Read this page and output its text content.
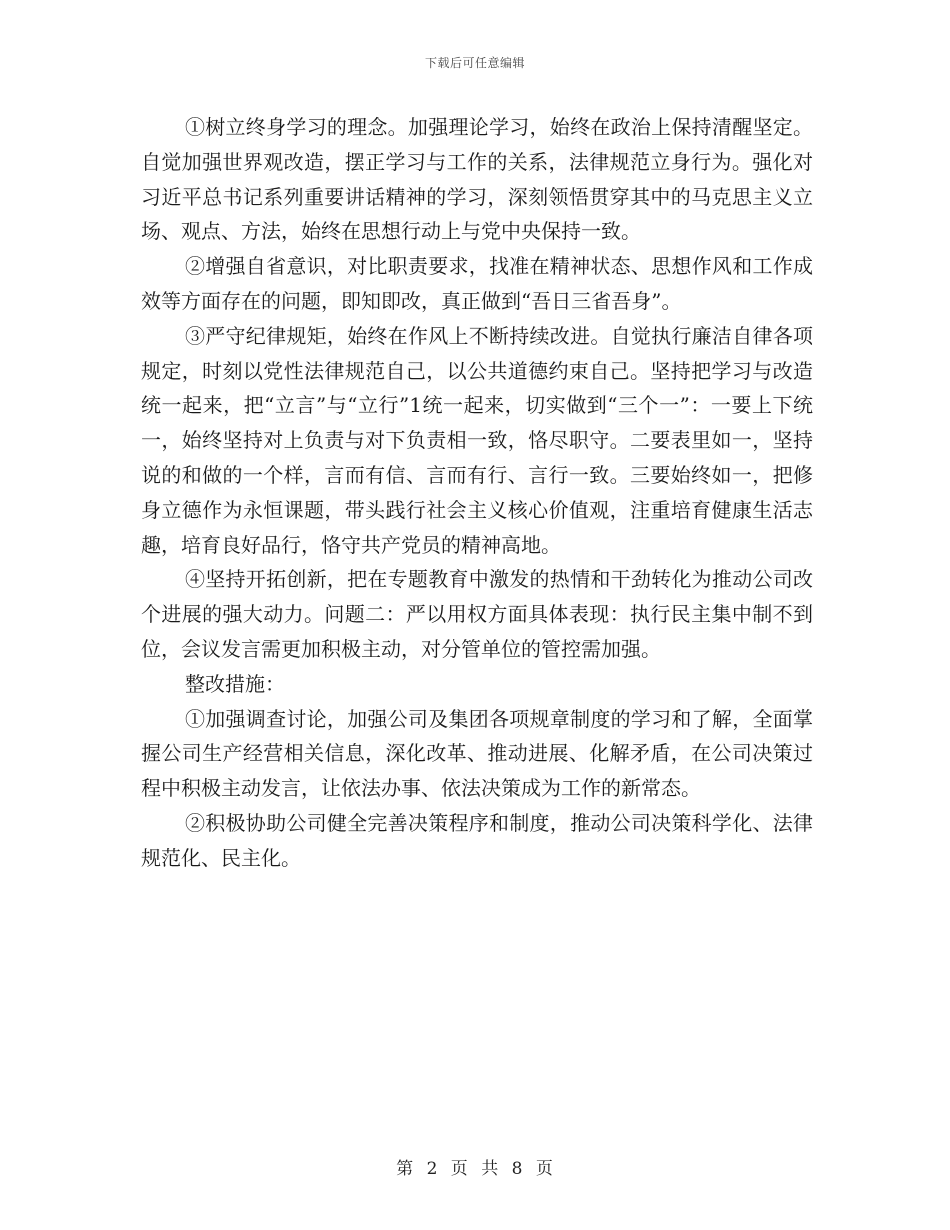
下载后可任意编辑

①树立终身学习的理念。加强理论学习，始终在政治上保持清醒坚定。自觉加强世界观改造，摆正学习与工作的关系，法律规范立身行为。强化对习近平总书记系列重要讲话精神的学习，深刻领悟贯穿其中的马克思主义立场、观点、方法，始终在思想行动上与党中央保持一致。

②增强自省意识，对比职责要求，找准在精神状态、思想作风和工作成效等方面存在的问题，即知即改，真正做到“吾日三省吾身”。

③严守纪律规矩，始终在作风上不断持续改进。自觉执行廉洁自律各项规定，时刻以党性法律规范自己，以公共道德约束自己。坚持把学习与改造统一起来，把“立言”与“立行”1统一起来，切实做到“三个一”：一要上下统一，始终坚持对上负责与对下负责相一致，恪尽职守。二要表里如一，坚持说的和做的一个样，言而有信、言而有行、言行一致。三要始终如一，把修身立德作为永恒课题，带头践行社会主义核心价值观，注重培育健康生活志趣，培育良好品行，恪守共产党员的精神高地。

④坚持开拓创新，把在专题教育中激发的热情和干劲转化为推动公司改个进展的强大动力。问题二：严以用权方面具体表现：执行民主集中制不到位，会议发言需更加积极主动，对分管单位的管控需加强。

整改措施：

①加强调查讨论，加强公司及集团各项规章制度的学习和了解，全面掌握公司生产经营相关信息，深化改革、推动进展、化解矛盾，在公司决策过程中积极主动发言，让依法办事、依法决策成为工作的新常态。

②积极协助公司健全完善决策程序和制度，推动公司决策科学化、法律规范化、民主化。

第 2 页 共 8 页
